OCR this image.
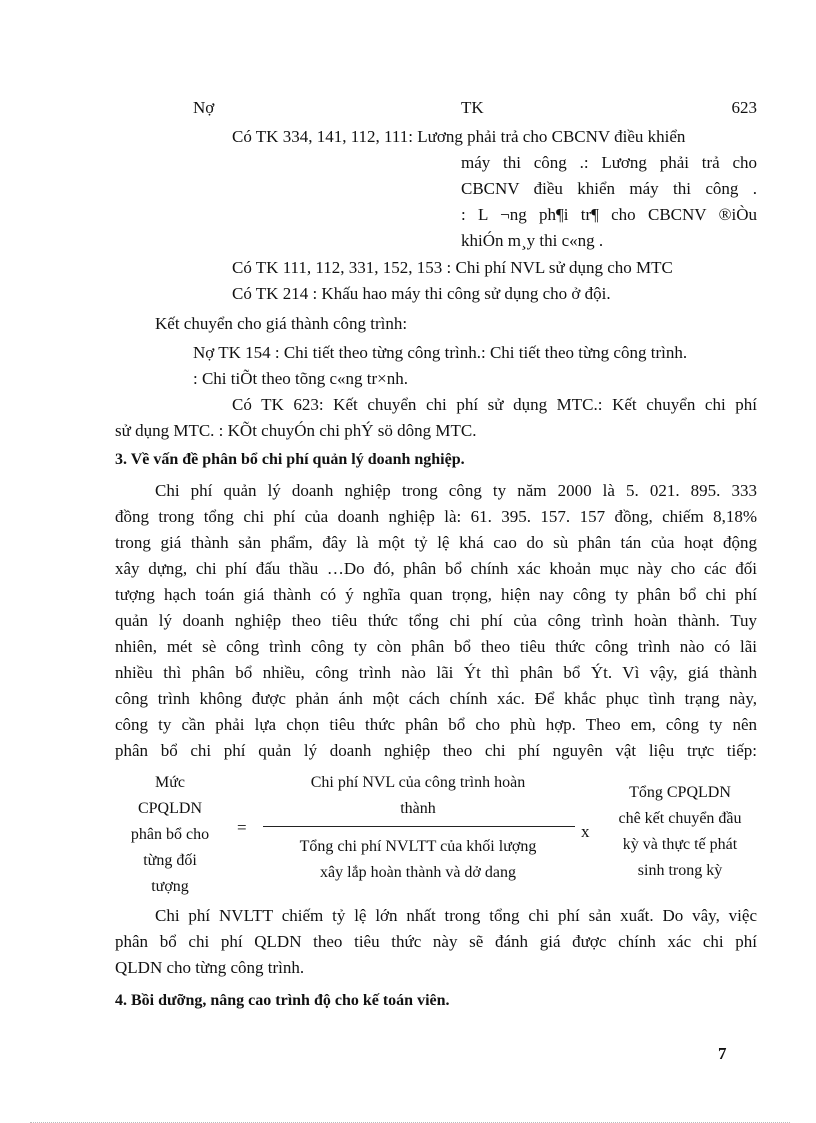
Nợ	TK	623
Có TK 334, 141, 112, 111: Lương phải trả cho CBCNV điều khiển
máy thi công .: Lương phải trả cho
CBCNV điều khiển máy thi công .
: L ¬ng ph¶i tr¶ cho CBCNV ®iÒu
khiÓn m¸y thi c«ng .
Có TK 111, 112, 331, 152, 153 : Chi phí NVL sử dụng cho MTC
Có TK 214 : Khấu hao máy thi công sử dụng cho ở đội.
Kết chuyển cho giá thành công trình:
Nợ TK 154 : Chi tiết theo từng công trình.: Chi tiết theo từng công trình.
: Chi tiÕt theo tõng c«ng tr×nh.
Có TK 623: Kết chuyển chi phí sử dụng MTC.: Kết chuyển chi phí
sử dụng MTC. : KÕt chuyÓn chi phÝ sö dông MTC.
3. Về vấn đề phân bổ chi phí quản lý doanh nghiệp.
Chi phí quản lý doanh nghiệp trong công ty năm 2000 là 5. 021. 895. 333
đồng trong tổng chi phí của doanh nghiệp là: 61. 395. 157. 157 đồng, chiếm 8,18%
trong giá thành sản phẩm, đây là một tỷ lệ khá cao do sù phân tán của hoạt động
xây dựng, chi phí đấu thầu …Do đó, phân bổ chính xác khoản mục này cho các đối
tượng hạch toán giá thành có ý nghĩa quan trọng, hiện nay công ty phân bổ chi phí
quản lý doanh nghiệp theo tiêu thức tổng chi phí của công trình hoàn thành. Tuy
nhiên, mét sè công trình công ty còn phân bổ theo tiêu thức công trình nào có lãi
nhiều thì phân bổ nhiều, công trình nào lãi Ýt thì phân bổ Ýt. Vì vậy, giá thành
công trình không được phản ánh một cách chính xác. Để khắc phục tình trạng này,
công ty cần phải lựa chọn tiêu thức phân bổ cho phù hợp. Theo em, công ty nên
phân bổ chi phí quản lý doanh nghiệp theo chi phí nguyên vật liệu trực tiếp:
Mức
CPQLDN
phân bổ cho
từng đối
tượng
=
Chi phí NVL của công trình hoàn
thành
Tổng chi phí NVLTT của khối lượng
xây lắp hoàn thành và dở dang
x
Tổng CPQLDN
chê kết chuyển đầu
kỳ và thực tế phát
sinh trong kỳ
Chi phí NVLTT chiếm tỷ lệ lớn nhất trong tổng chi phí sản xuất. Do vây, việc
phân bổ chi phí QLDN theo tiêu thức này sẽ đánh giá được chính xác chi phí
QLDN cho từng công trình.
4. Bồi dưỡng, nâng cao trình độ cho kế toán viên.
7
